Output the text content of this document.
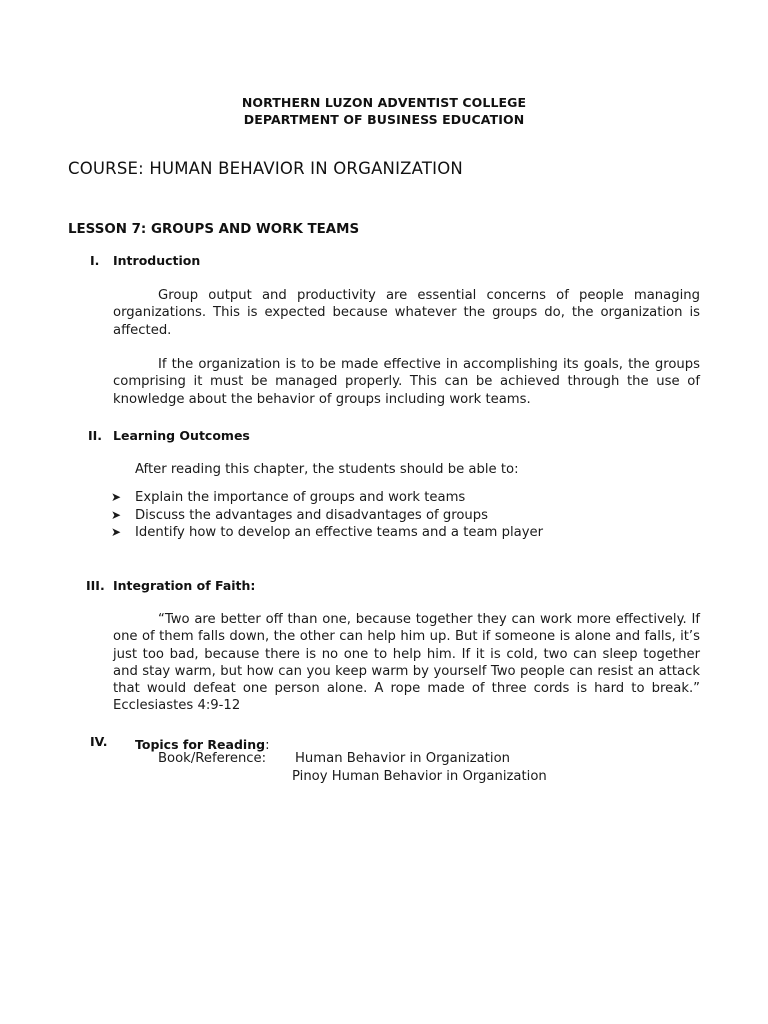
NORTHERN LUZON ADVENTIST COLLEGE
DEPARTMENT OF BUSINESS EDUCATION
COURSE: HUMAN BEHAVIOR IN ORGANIZATION
LESSON 7: GROUPS AND WORK TEAMS
I. Introduction
Group output and productivity are essential concerns of people managing organizations. This is expected because whatever the groups do, the organization is affected.
If the organization is to be made effective in accomplishing its goals, the groups comprising it must be managed properly. This can be achieved through the use of knowledge about the behavior of groups including work teams.
II. Learning Outcomes
After reading this chapter, the students should be able to:
➤ Explain the importance of groups and work teams
➤ Discuss the advantages and disadvantages of groups
➤ Identify how to develop an effective teams and a team player
III. Integration of Faith:
“Two are better off than one, because together they can work more effectively. If one of them falls down, the other can help him up. But if someone is alone and falls, it’s just too bad, because there is no one to help him. If it is cold, two can sleep together and stay warm, but how can you keep warm by yourself Two people can resist an attack that would defeat one person alone. A rope made of three cords is hard to break.” Ecclesiastes 4:9-12
IV. Topics for Reading:
Book/Reference: Human Behavior in Organization
Pinoy Human Behavior in Organization
